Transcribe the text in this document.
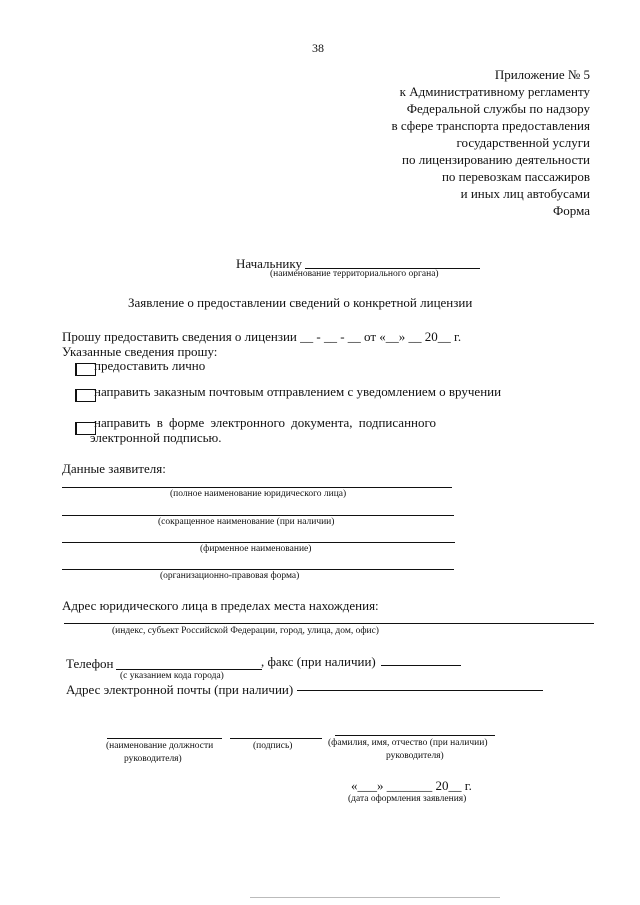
38
Приложение № 5
к Административному регламенту
Федеральной службы по надзору
в сфере транспорта предоставления
государственной услуги
по лицензированию деятельности
по перевозкам пассажиров
и иных лиц автобусами
Форма
Начальнику
(наименование территориального органа)
Заявление о предоставлении сведений о конкретной лицензии
Прошу предоставить сведения о лицензии __ - __ - __ от «__» __ 20__ г.
Указанные сведения прошу:
предоставить лично
направить заказным почтовым отправлением с уведомлением о вручении
направить в форме электронного документа, подписанного
электронной подписью.
Данные заявителя:
(полное наименование юридического лица)
(сокращенное наименование (при наличии)
(фирменное наименование)
(организационно-правовая форма)
Адрес юридического лица в пределах места нахождения:
(индекс, субъект Российской Федерации, город, улица, дом, офис)
Телефон	, факс (при наличии)
(с указанием кода города)
Адрес электронной почты (при наличии)
(наименование должности
руководителя)
(подпись)	(фамилия, имя, отчество (при наличии)
руководителя)
«___» _______ 20__ г.
(дата оформления заявления)
